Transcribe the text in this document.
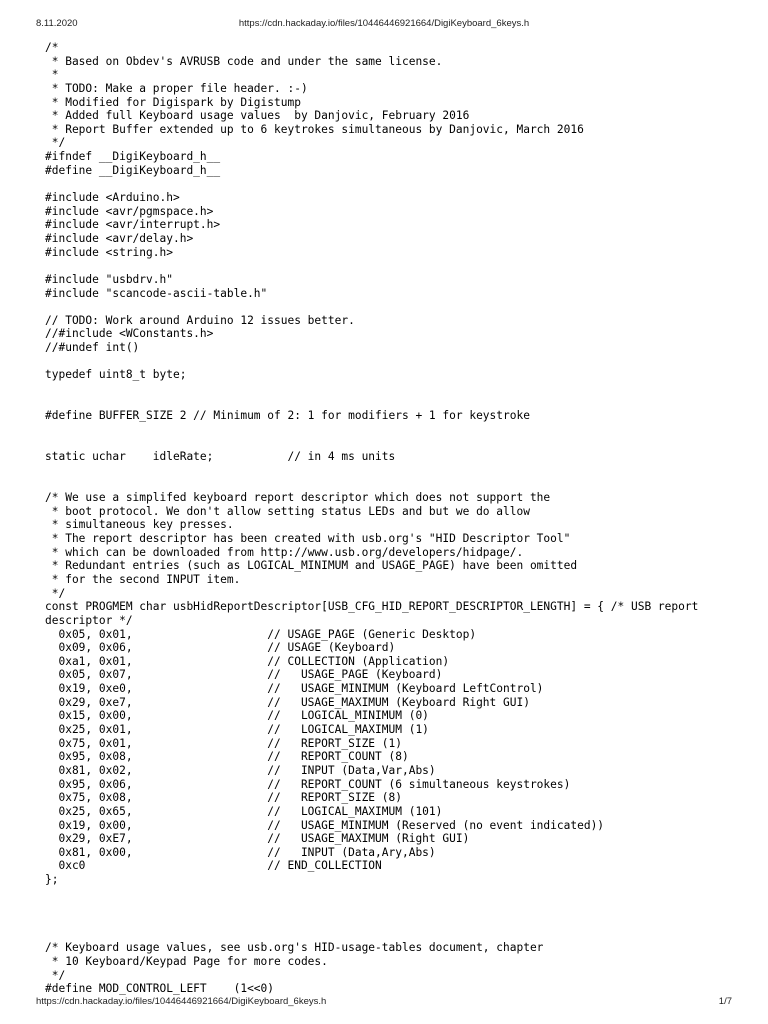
8.11.2020	https://cdn.hackaday.io/files/10446446921664/DigiKeyboard_6keys.h
/*
* Based on Obdev's AVRUSB code and under the same license.
*
* TODO: Make a proper file header. :-)
* Modified for Digispark by Digistump
* Added full Keyboard usage values  by Danjovic, February 2016
* Report Buffer extended up to 6 keytrokes simultaneous by Danjovic, March 2016
*/
#ifndef __DigiKeyboard_h__
#define __DigiKeyboard_h__
#include <Arduino.h>
#include <avr/pgmspace.h>
#include <avr/interrupt.h>
#include <avr/delay.h>
#include <string.h>
#include "usbdrv.h"
#include "scancode-ascii-table.h"
// TODO: Work around Arduino 12 issues better.
//#include <WConstants.h>
//#undef int()
typedef uint8_t byte;
#define BUFFER_SIZE 2 // Minimum of 2: 1 for modifiers + 1 for keystroke
static uchar    idleRate;           // in 4 ms units
/* We use a simplifed keyboard report descriptor which does not support the
* boot protocol. We don't allow setting status LEDs and but we do allow
* simultaneous key presses.
* The report descriptor has been created with usb.org's "HID Descriptor Tool"
* which can be downloaded from http://www.usb.org/developers/hidpage/.
* Redundant entries (such as LOGICAL_MINIMUM and USAGE_PAGE) have been omitted
* for the second INPUT item.
*/
const PROGMEM char usbHidReportDescriptor[USB_CFG_HID_REPORT_DESCRIPTOR_LENGTH] = { /* USB report
descriptor */
0x05, 0x01,                    // USAGE_PAGE (Generic Desktop)
0x09, 0x06,                    // USAGE (Keyboard)
0xa1, 0x01,                    // COLLECTION (Application)
0x05, 0x07,                    //   USAGE_PAGE (Keyboard)
0x19, 0xe0,                    //   USAGE_MINIMUM (Keyboard LeftControl)
0x29, 0xe7,                    //   USAGE_MAXIMUM (Keyboard Right GUI)
0x15, 0x00,                    //   LOGICAL_MINIMUM (0)
0x25, 0x01,                    //   LOGICAL_MAXIMUM (1)
0x75, 0x01,                    //   REPORT_SIZE (1)
0x95, 0x08,                    //   REPORT_COUNT (8)
0x81, 0x02,                    //   INPUT (Data,Var,Abs)
0x95, 0x06,                    //   REPORT_COUNT (6 simultaneous keystrokes)
0x75, 0x08,                    //   REPORT_SIZE (8)
0x25, 0x65,                    //   LOGICAL_MAXIMUM (101)
0x19, 0x00,                    //   USAGE_MINIMUM (Reserved (no event indicated))
0x29, 0xE7,                    //   USAGE_MAXIMUM (Right GUI)
0x81, 0x00,                    //   INPUT (Data,Ary,Abs)
0xc0                           // END_COLLECTION
};
/* Keyboard usage values, see usb.org's HID-usage-tables document, chapter
* 10 Keyboard/Keypad Page for more codes.
*/
#define MOD_CONTROL_LEFT    (1<<0)
https://cdn.hackaday.io/files/10446446921664/DigiKeyboard_6keys.h	1/7
